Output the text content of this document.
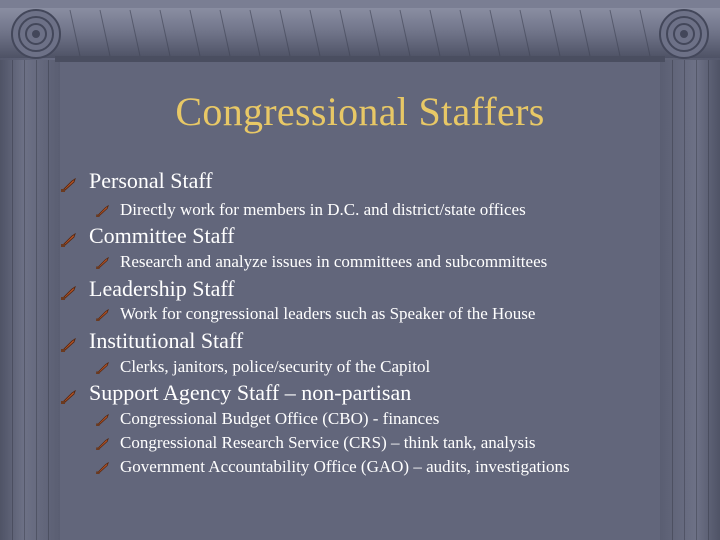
Congressional Staffers
Personal Staff
Directly work for members in D.C. and district/state offices
Committee Staff
Research and analyze issues in committees and subcommittees
Leadership Staff
Work for congressional leaders such as Speaker of the House
Institutional Staff
Clerks, janitors, police/security of the Capitol
Support Agency Staff – non-partisan
Congressional Budget Office (CBO) - finances
Congressional Research Service (CRS) – think tank, analysis
Government Accountability Office (GAO) – audits, investigations
